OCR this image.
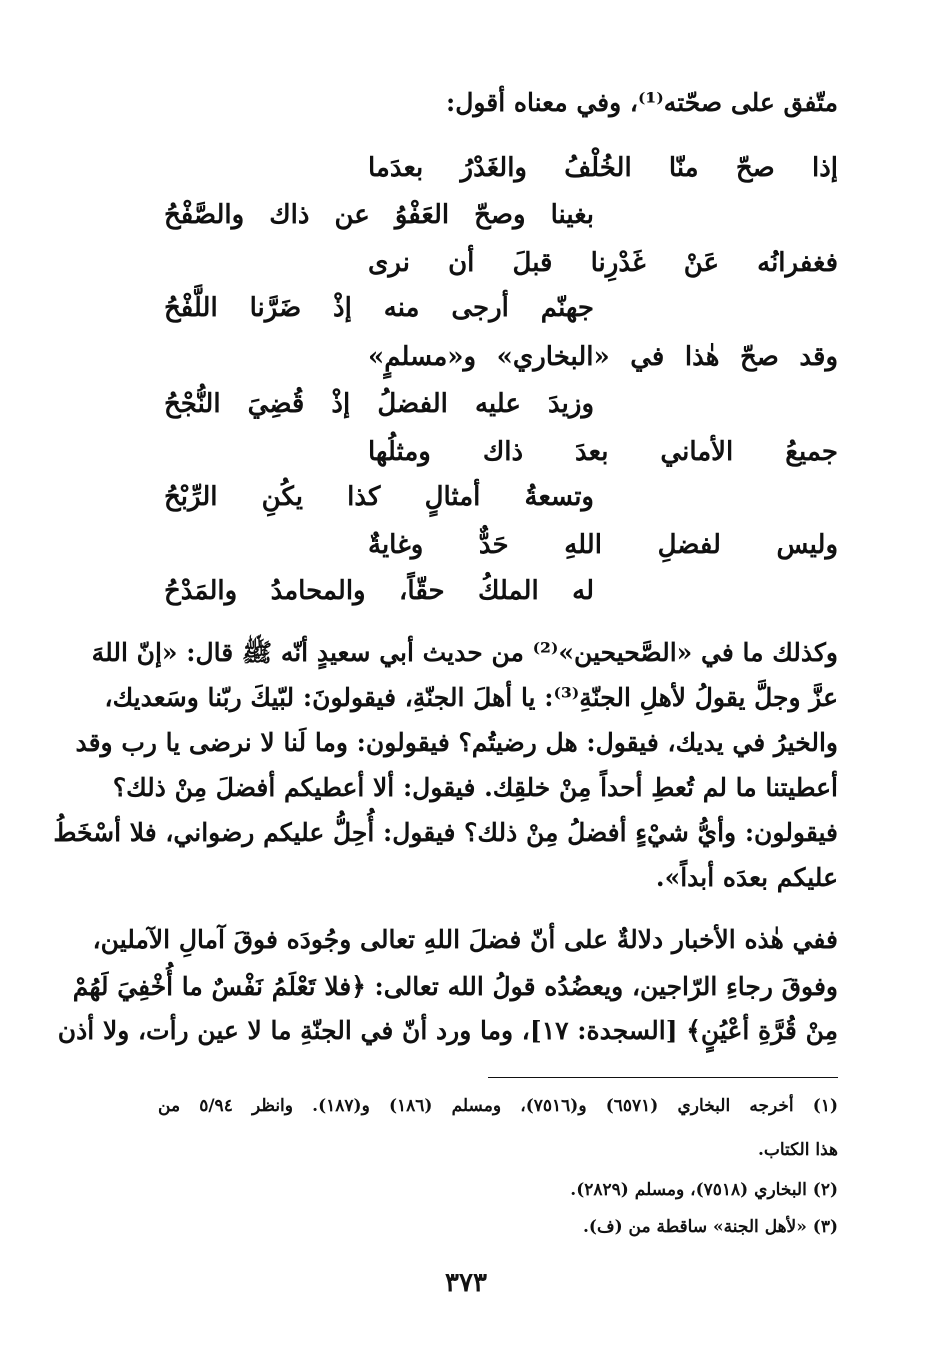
متّفق على صحّته⁽¹⁾، وفي معناه أقول:
إذا صحّ منّا الخُلْفُ والغَدْرُ بعدَما
بغينا وصحّ العَفْوُ عن ذاك والصَّفْحُ
فغفرانُه عَنْ غَدْرِنا قبلَ أن نرى
جهنّم أرجى منه إذْ ضَرَّنا اللَّفْحُ
وقد صحّ هٰذا في «البخاري» و«مسلمٍ»
وزيدَ عليه الفضلُ إذْ قُضِيَ النُّجْحُ
جميعُ الأماني بعدَ ذاك ومثلُها
وتسعةُ أمثالٍ كذا يكُنِ الرِّبْحُ
وليس لفضلِ اللهِ حَدٌّ وغايةٌ
له الملكُ حقّاً، والمحامدُ والمَدْحُ
وكذلك ما في «الصَّحيحين»⁽²⁾ من حديث أبي سعيدٍ أنّه ﷺ قال: «إنّ اللهَ
عزَّ وجلَّ يقولُ لأهلِ الجنّةِ⁽³⁾: يا أهلَ الجنّةِ، فيقولونَ: لبّيكَ ربّنا وسَعديك،
والخيرُ في يديك، فيقول: هل رضيتُم؟ فيقولون: وما لَنا لا نرضى يا رب وقد
أعطيتنا ما لم تُعطِ أحداً مِنْ خلقِك. فيقول: ألا أعطيكم أفضلَ مِنْ ذلك؟
فيقولون: وأيُّ شيْءٍ أفضلُ مِنْ ذلك؟ فيقول: أُحِلُّ عليكم رضواني، فلا أسْخَطُ
عليكم بعدَه أبداً».
ففي هٰذه الأخبار دلالةٌ على أنّ فضلَ اللهِ تعالى وجُودَه فوقَ آمالِ الآملين،
وفوقَ رجاءِ الرّاجين، ويعضُدُه قولُ الله تعالى: ﴿فلا تَعْلَمُ نَفْسٌ ما أُخْفِيَ لَهُمْ
مِنْ قُرَّةِ أعْيُنٍ﴾ [السجدة: ١٧]، وما ورد أنّ في الجنّةِ ما لا عين رأت، ولا أذن
(١) أخرجه البخاري (٦٥٧١) و(٧٥١٦)، ومسلم (١٨٦) و(١٨٧). وانظر ٥/٩٤ من
هذا الكتاب.
(٢) البخاري (٧٥١٨)، ومسلم (٢٨٢٩).
(٣) «لأهل الجنة» ساقطة من (ف).
٣٧٣
